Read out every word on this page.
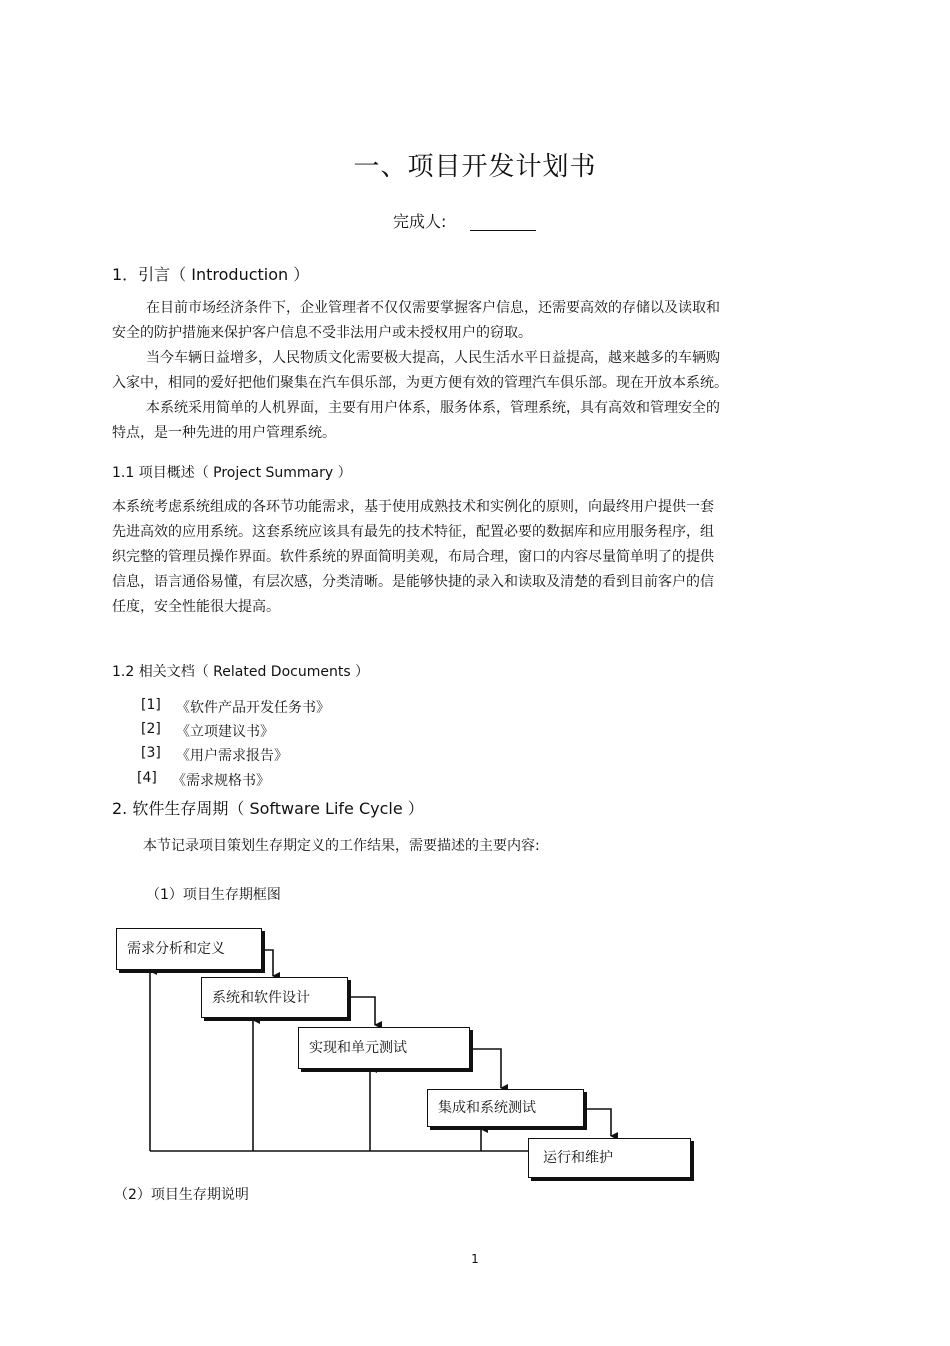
一、项目开发计划书
完成人:
1．引言（ Introduction ）
在目前市场经济条件下，企业管理者不仅仅需要掌握客户信息，还需要高效的存储以及读取和
安全的防护措施来保护客户信息不受非法用户或未授权用户的窃取。
当今车辆日益增多，人民物质文化需要极大提高，人民生活水平日益提高，越来越多的车辆购
入家中，相同的爱好把他们聚集在汽车俱乐部，为更方便有效的管理汽车俱乐部。现在开放本系统。
本系统采用简单的人机界面，主要有用户体系，服务体系，管理系统，具有高效和管理安全的
特点，是一种先进的用户管理系统。
1.1 项目概述（ Project Summary ）
本系统考虑系统组成的各环节功能需求，基于使用成熟技术和实例化的原则，向最终用户提供一套
先进高效的应用系统。这套系统应该具有最先的技术特征，配置必要的数据库和应用服务程序，组
织完整的管理员操作界面。软件系统的界面简明美观，布局合理，窗口的内容尽量简单明了的提供
信息，语言通俗易懂，有层次感，分类清晰。是能够快捷的录入和读取及清楚的看到目前客户的信
任度，安全性能很大提高。
1.2 相关文档（ Related Documents ）
[1] 《软件产品开发任务书》
[2] 《立项建议书》
[3] 《用户需求报告》
[4] 《需求规格书》
2. 软件生存周期（ Software Life Cycle ）
本节记录项目策划生存期定义的工作结果，需要描述的主要内容:
（1）项目生存期框图
需求分析和定义
系统和软件设计
实现和单元测试
集成和系统测试
运行和维护
（2）项目生存期说明
1
